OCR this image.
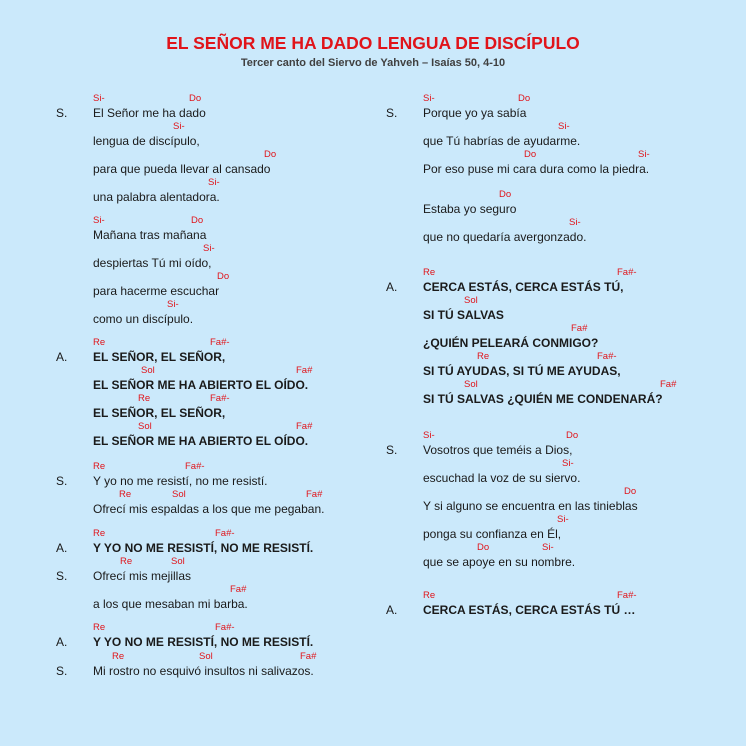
EL SEÑOR ME HA DADO LENGUA DE DISCÍPULO
Tercer canto del Siervo de Yahveh – Isaías 50, 4-10
S. El Señor me ha dado
Si-	Do
lengua de discípulo,
Si-
para que pueda llevar al cansado
Do
una palabra alentadora.
Si-
Mañana tras mañana
Si-	Do
despiertas Tú mi oído,
Si-
para hacerme escuchar
Do
como un discípulo.
Si-
A. EL SEÑOR, EL SEÑOR,
Re	Fa#-
EL SEÑOR ME HA ABIERTO EL OÍDO.
Sol	Fa#
EL SEÑOR, EL SEÑOR,
Re	Fa#-
EL SEÑOR ME HA ABIERTO EL OÍDO.
Sol	Fa#
S. Y yo no me resistí, no me resistí.
Re	Fa#-
Ofrecí mis espaldas a los que me pegaban.
Re	Sol	Fa#
A. Y YO NO ME RESISTÍ, NO ME RESISTÍ.
Re	Fa#-
S. Ofrecí mis mejillas
Re	Sol
a los que mesaban mi barba.
Fa#
A. Y YO NO ME RESISTÍ, NO ME RESISTÍ.
Re	Fa#-
S. Mi rostro no esquivó insultos ni salivazos.
Re	Sol	Fa#
S. Porque yo ya sabía
Si-	Do
que Tú habrías de ayudarme.
Si-
Por eso puse mi cara dura como la piedra.
Do	Si-
Estaba yo seguro
Do
que no quedaría avergonzado.
Si-
A. CERCA ESTÁS, CERCA ESTÁS TÚ,
Re	Fa#-
SI TÚ SALVAS
Sol
¿QUIÉN PELEARÁ CONMIGO?
Fa#
SI TÚ AYUDAS, SI TÚ ME AYUDAS,
Re	Fa#-
SI TÚ SALVAS ¿QUIÉN ME CONDENARÁ?
Sol	Fa#
S. Vosotros que teméis a Dios,
Si-	Do
escuchad la voz de su siervo.
Si-
Y si alguno se encuentra en las tinieblas
Do
ponga su confianza en Él,
Si-
que se apoye en su nombre.
Do	Si-
A. CERCA ESTÁS, CERCA ESTÁS TÚ …
Re	Fa#-
